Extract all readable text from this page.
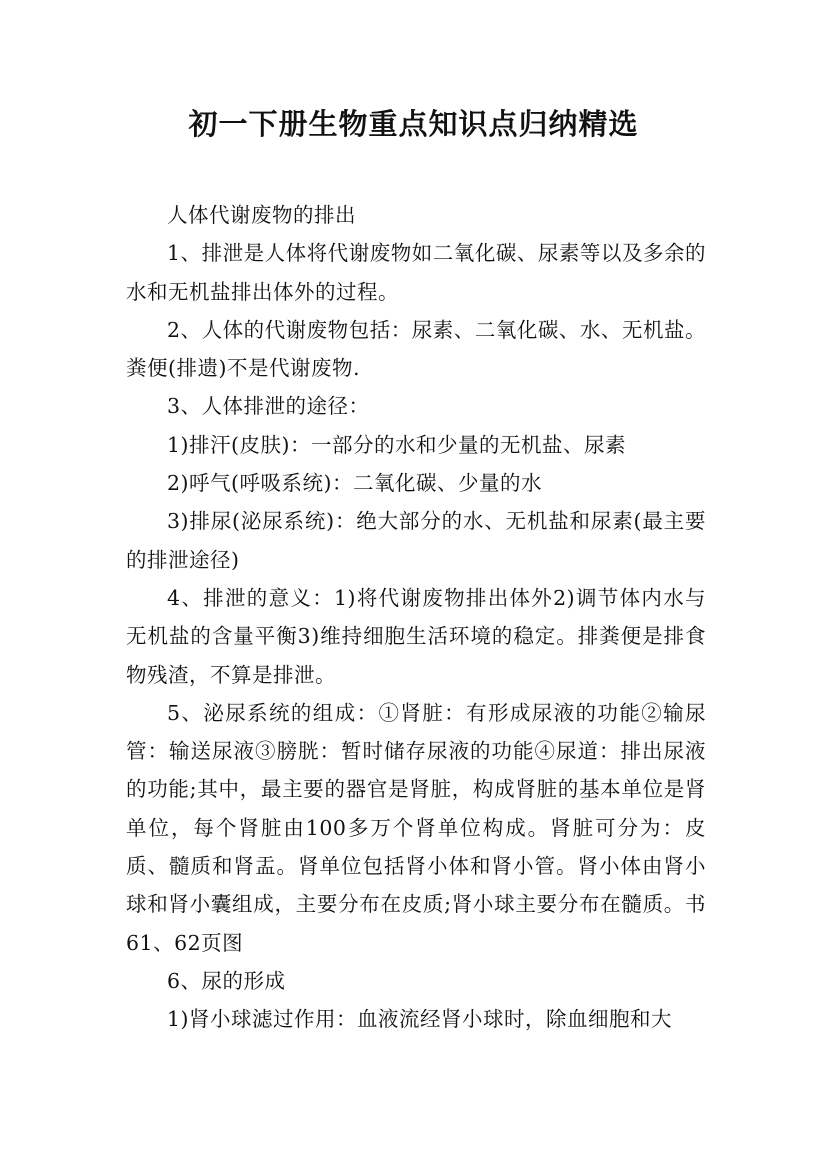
初一下册生物重点知识点归纳精选

人体代谢废物的排出

1、排泄是人体将代谢废物如二氧化碳、尿素等以及多余的水和无机盐排出体外的过程。

2、人体的代谢废物包括：尿素、二氧化碳、水、无机盐。粪便(排遗)不是代谢废物.

3、人体排泄的途径：

1)排汗(皮肤)：一部分的水和少量的无机盐、尿素

2)呼气(呼吸系统)：二氧化碳、少量的水

3)排尿(泌尿系统)：绝大部分的水、无机盐和尿素(最主要的排泄途径)

4、排泄的意义：1)将代谢废物排出体外2)调节体内水与无机盐的含量平衡3)维持细胞生活环境的稳定。排粪便是排食物残渣，不算是排泄。

5、泌尿系统的组成：①肾脏：有形成尿液的功能②输尿管：输送尿液③膀胱：暂时储存尿液的功能④尿道：排出尿液的功能;其中，最主要的器官是肾脏，构成肾脏的基本单位是肾单位，每个肾脏由100多万个肾单位构成。肾脏可分为：皮质、髓质和肾盂。肾单位包括肾小体和肾小管。肾小体由肾小球和肾小囊组成，主要分布在皮质;肾小球主要分布在髓质。书61、62页图

6、尿的形成

1)肾小球滤过作用：血液流经肾小球时，除血细胞和大
